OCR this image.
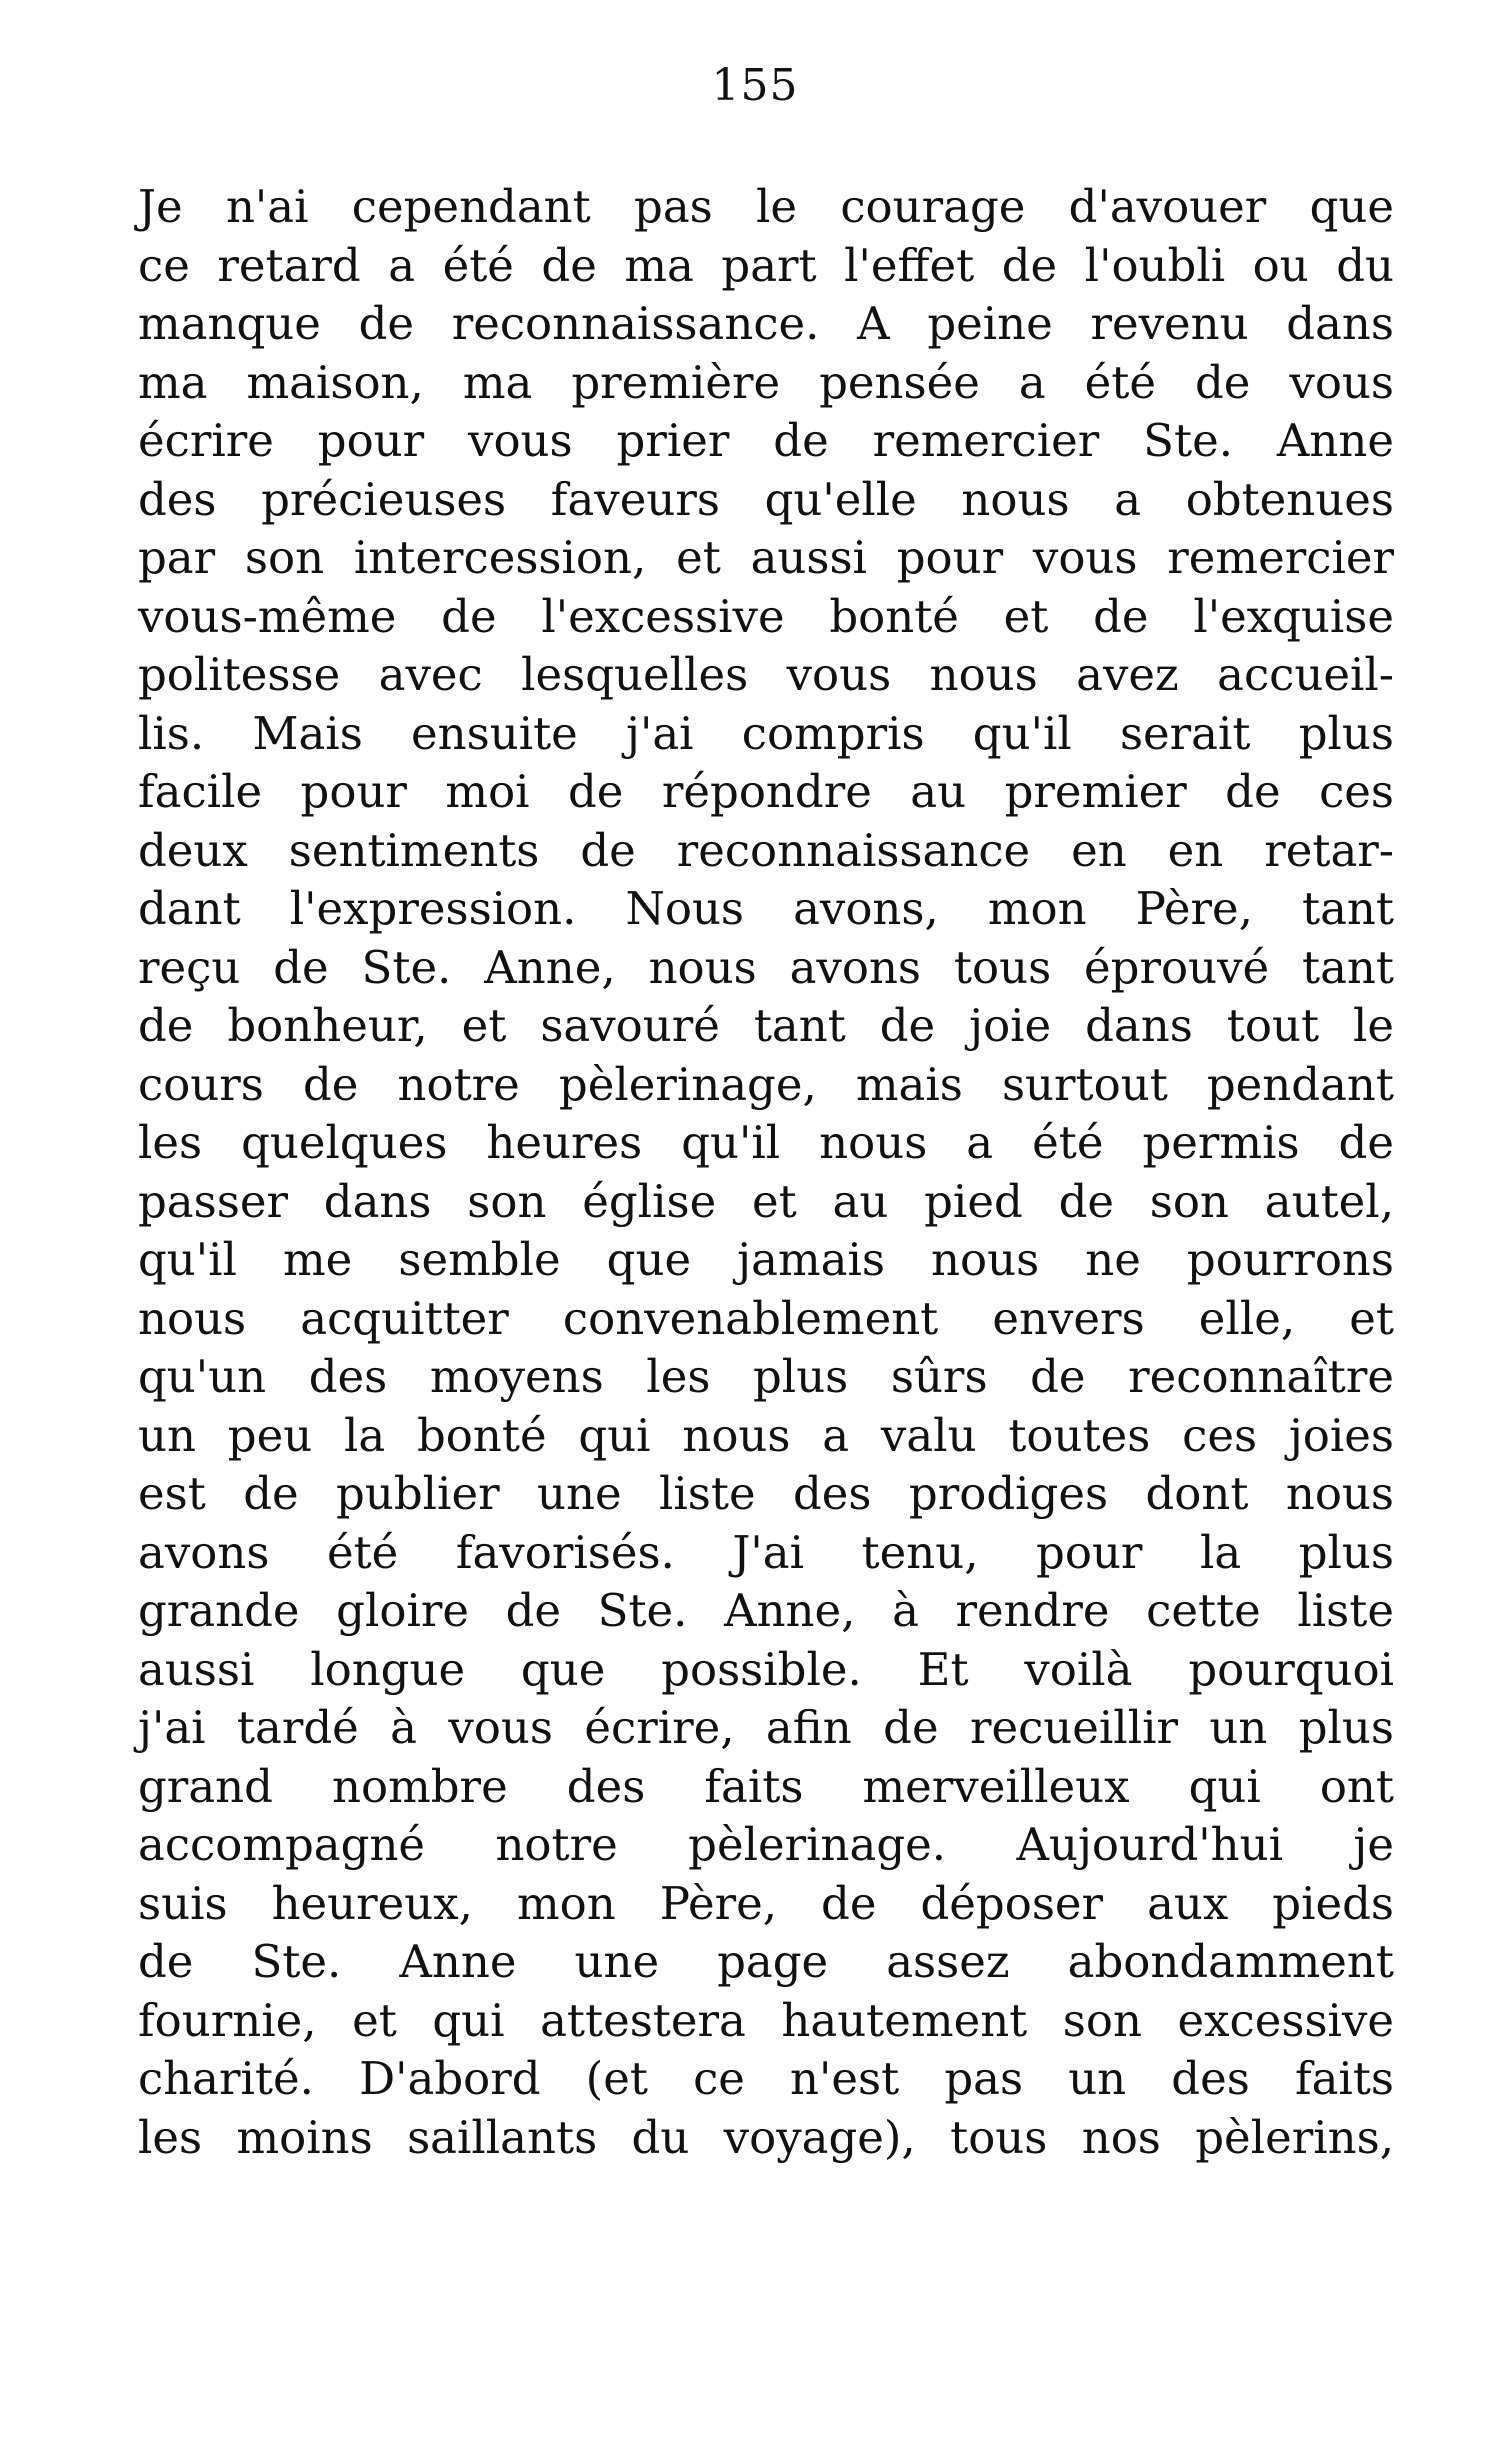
155
Je n'ai cependant pas le courage d'avouer que
ce retard a été de ma part l'effet de l'oubli ou du
manque de reconnaissance. A peine revenu dans
ma maison, ma première pensée a été de vous
écrire pour vous prier de remercier Ste. Anne
des précieuses faveurs qu'elle nous a obtenues
par son intercession, et aussi pour vous remercier
vous-même de l'excessive bonté et de l'exquise
politesse avec lesquelles vous nous avez accueil-
lis. Mais ensuite j'ai compris qu'il serait plus
facile pour moi de répondre au premier de ces
deux sentiments de reconnaissance en en retar-
dant l'expression. Nous avons, mon Père, tant
reçu de Ste. Anne, nous avons tous éprouvé tant
de bonheur, et savouré tant de joie dans tout le
cours de notre pèlerinage, mais surtout pendant
les quelques heures qu'il nous a été permis de
passer dans son église et au pied de son autel,
qu'il me semble que jamais nous ne pourrons
nous acquitter convenablement envers elle, et
qu'un des moyens les plus sûrs de reconnaître
un peu la bonté qui nous a valu toutes ces joies
est de publier une liste des prodiges dont nous
avons été favorisés. J'ai tenu, pour la plus
grande gloire de Ste. Anne, à rendre cette liste
aussi longue que possible. Et voilà pourquoi
j'ai tardé à vous écrire, afin de recueillir un plus
grand nombre des faits merveilleux qui ont
accompagné notre pèlerinage. Aujourd'hui je
suis heureux, mon Père, de déposer aux pieds
de Ste. Anne une page assez abondamment
fournie, et qui attestera hautement son excessive
charité. D'abord (et ce n'est pas un des faits
les moins saillants du voyage), tous nos pèlerins,
